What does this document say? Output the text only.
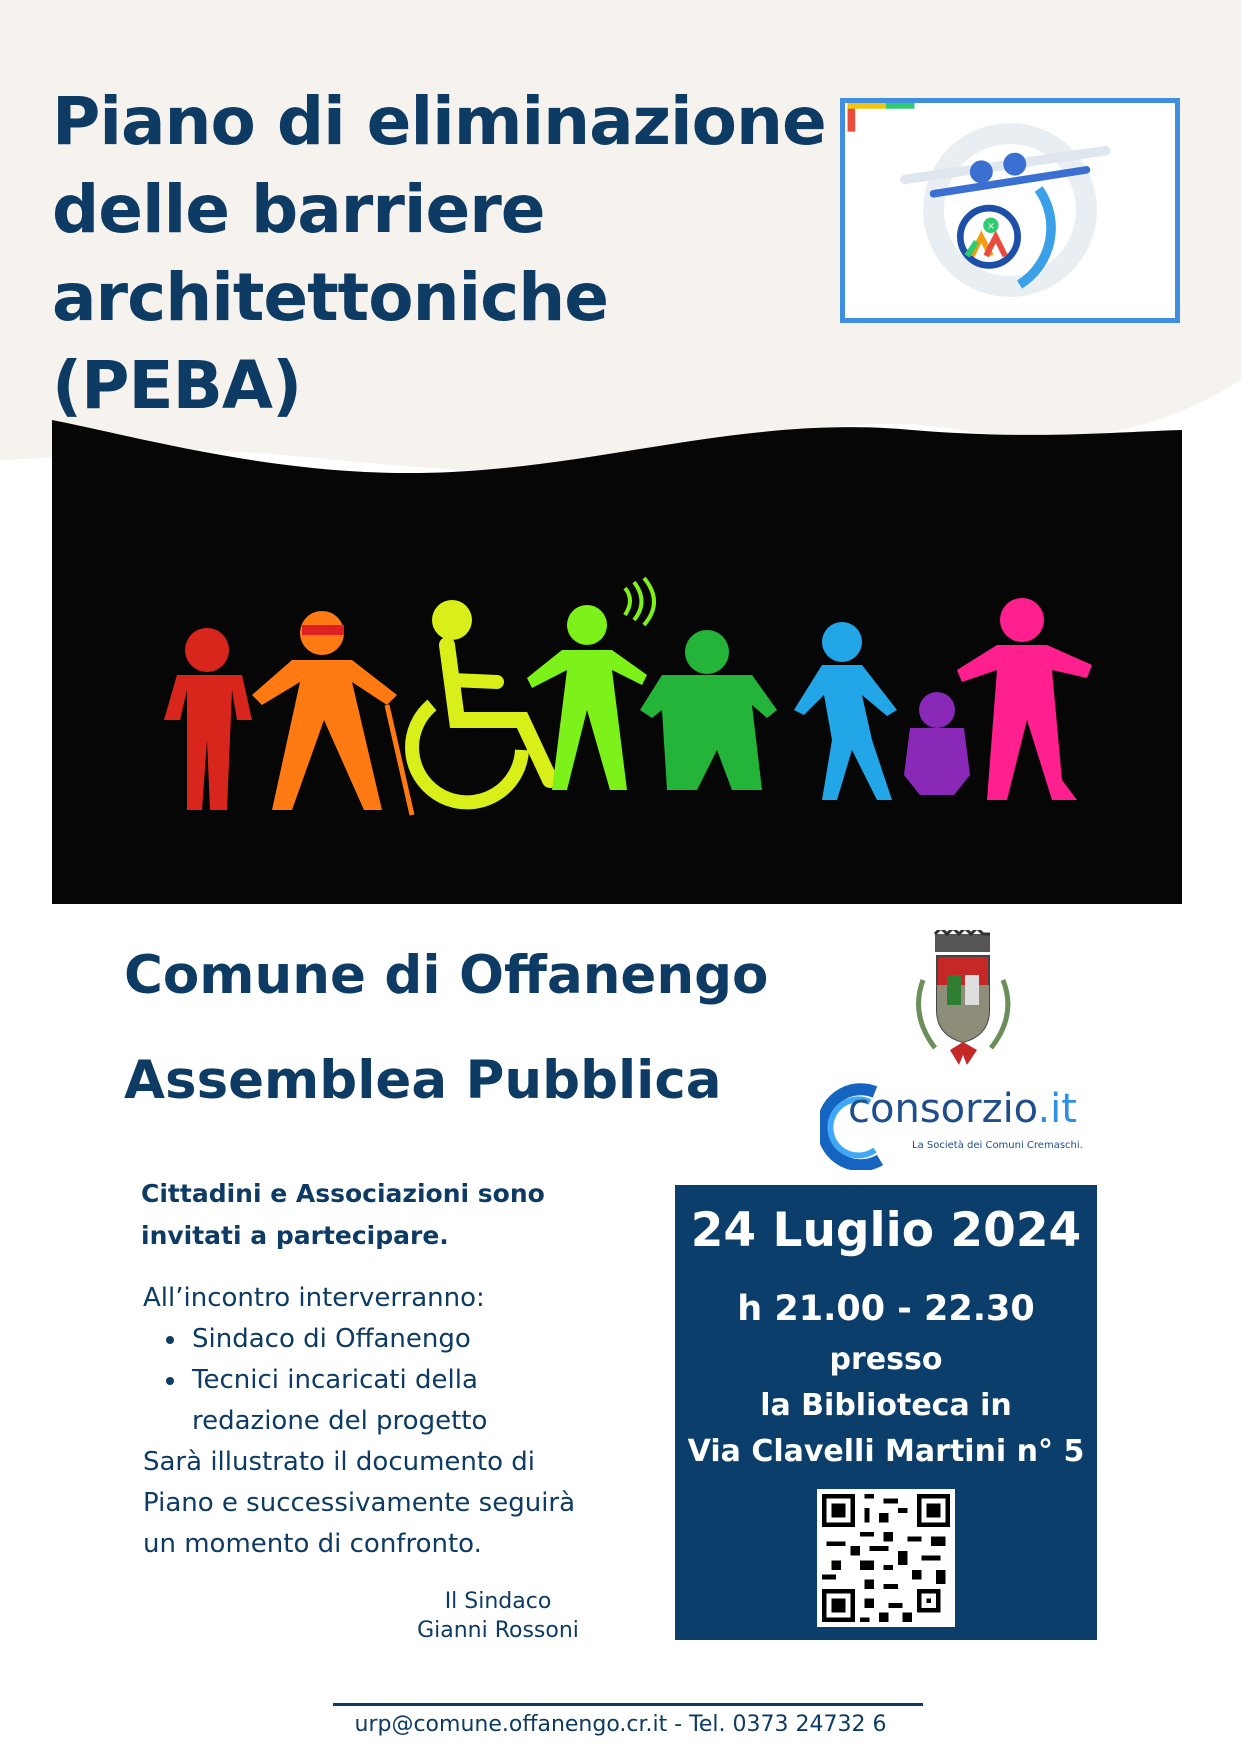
Piano di eliminazione
delle barriere
architettoniche
(PEBA)
×
Comune di Offanengo
Assemblea Pubblica	consorzio.it
La Società dei Comuni Cremaschi.

Cittadini e Associazioni sono
invitati a partecipare.

All’incontro interverranno:

Sindaco di Offanengo
Tecnici incaricati della redazione del progetto

Sarà illustrato il documento di Piano e successivamente seguirà un momento di confronto.

Il Sindaco
Gianni Rossoni

24 Luglio 2024
h 21.00 - 22.30
presso
la Biblioteca in
Via Clavelli Martini n° 5

urp@comune.offanengo.cr.it - Tel. 0373 24732 6
